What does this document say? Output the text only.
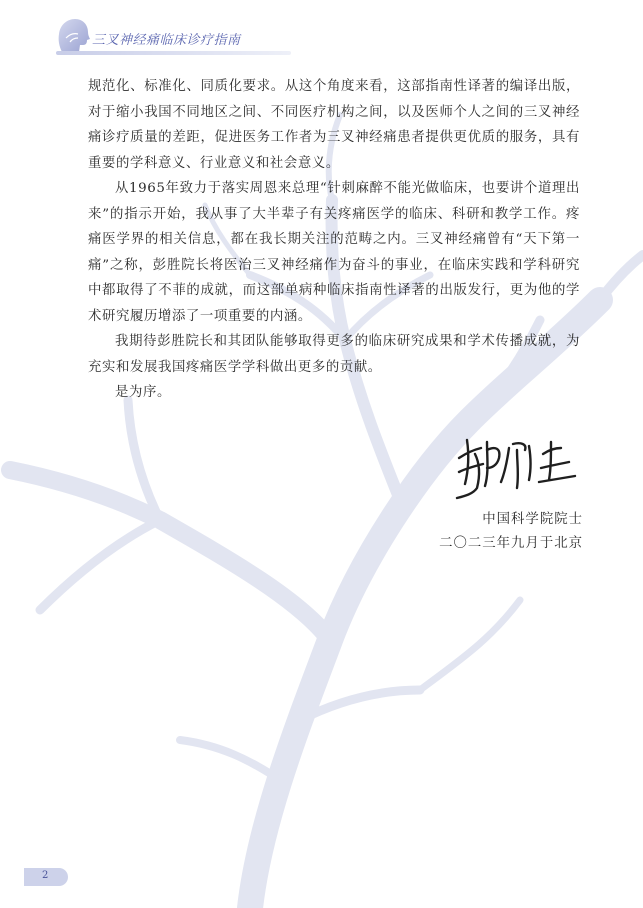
三叉神经痛临床诊疗指南

规范化、标准化、同质化要求。从这个角度来看，这部指南性译著的编译出版，对于缩小我国不同地区之间、不同医疗机构之间，以及医师个人之间的三叉神经痛诊疗质量的差距，促进医务工作者为三叉神经痛患者提供更优质的服务，具有重要的学科意义、行业意义和社会意义。

从1965年致力于落实周恩来总理“针刺麻醉不能光做临床，也要讲个道理出来”的指示开始，我从事了大半辈子有关疼痛医学的临床、科研和教学工作。疼痛医学界的相关信息，都在我长期关注的范畴之内。三叉神经痛曾有“天下第一痛”之称，彭胜院长将医治三叉神经痛作为奋斗的事业，在临床实践和学科研究中都取得了不菲的成就，而这部单病种临床指南性译著的出版发行，更为他的学术研究履历增添了一项重要的内涵。

我期待彭胜院长和其团队能够取得更多的临床研究成果和学术传播成就，为充实和发展我国疼痛医学学科做出更多的贡献。

是为序。

中国科学院院士
二〇二三年九月于北京
2
